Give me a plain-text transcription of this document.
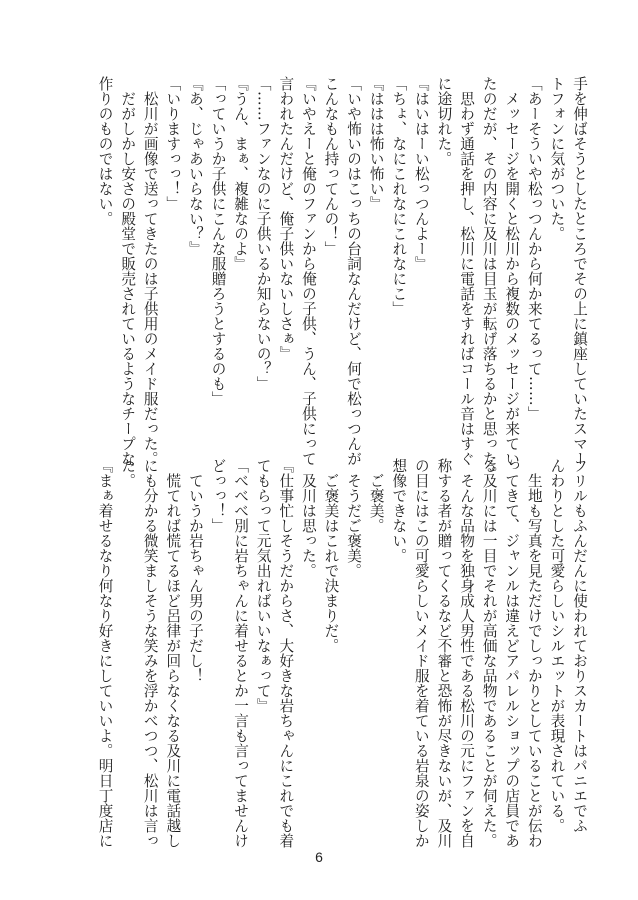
手を伸ばそうとしたところでその上に鎮座していたスマー

トフォンに気がついた。

「あーそういや松っつんから何か来てるって……」

　メッセージを開くと松川から複数のメッセージが来てい

たのだが、その内容に及川は目玉が転げ落ちるかと思った。

　思わず通話を押し、松川に電話をすればコール音はすぐ

に途切れた。

『はいはーい松っつんよー』

「ちょ、なにこれなにこれなにこ」

『ははは怖い怖い』

「いや怖いのはこっちの台詞なんだけど、何で松っつんが

こんなもん持ってんの！」

『いやえーと俺のファンから俺の子供、うん、子供にって

言われたんだけど、俺子供いないしさぁ』

「……ファンなのに子供いるか知らないの？」

『うん、まぁ、複雑なのよ』

「っていうか子供にこんな服贈ろうとするのも」

『あ、じゃあいらない？』

「いりますっっ！」

　松川が画像で送ってきたのは子供用のメイド服だった。

　だがしかし安さの殿堂で販売されているようなチープな

作りのものではない。

フリルもふんだんに使われておりスカートはパニエでふ

んわりとした可愛らしいシルエットが表現されている。

　生地も写真を見ただけでしっかりとしていることが伝わ

ってきて、ジャンルは違えどアパレルショップの店員であ

る及川には一目でそれが高価な品物であることが伺えた。

　そんな品物を独身成人男性である松川の元にファンを自

称する者が贈ってくるなど不審と恐怖が尽きないが、及川

の目にはこの可愛らしいメイド服を着ている岩泉の姿しか

想像できない。

　ご褒美。

　そうだご褒美。

　ご褒美はこれで決まりだ。

　及川は思った。

『仕事忙しそうだからさ、大好きな岩ちゃんにこれでも着

てもらって元気出ればいいなぁって』

「べべべ別に岩ちゃんに着せるとか一言も言ってませんけ

どっっ！」

　ていうか岩ちゃん男の子だし！

　慌てれば慌てるほど呂律が回らなくなる及川に電話越し

にも分かる微笑ましそうな笑みを浮かべつつ、松川は言っ

た。

『まぁ着せるなり何なり好きにしていいよ。明日丁度店に

6
